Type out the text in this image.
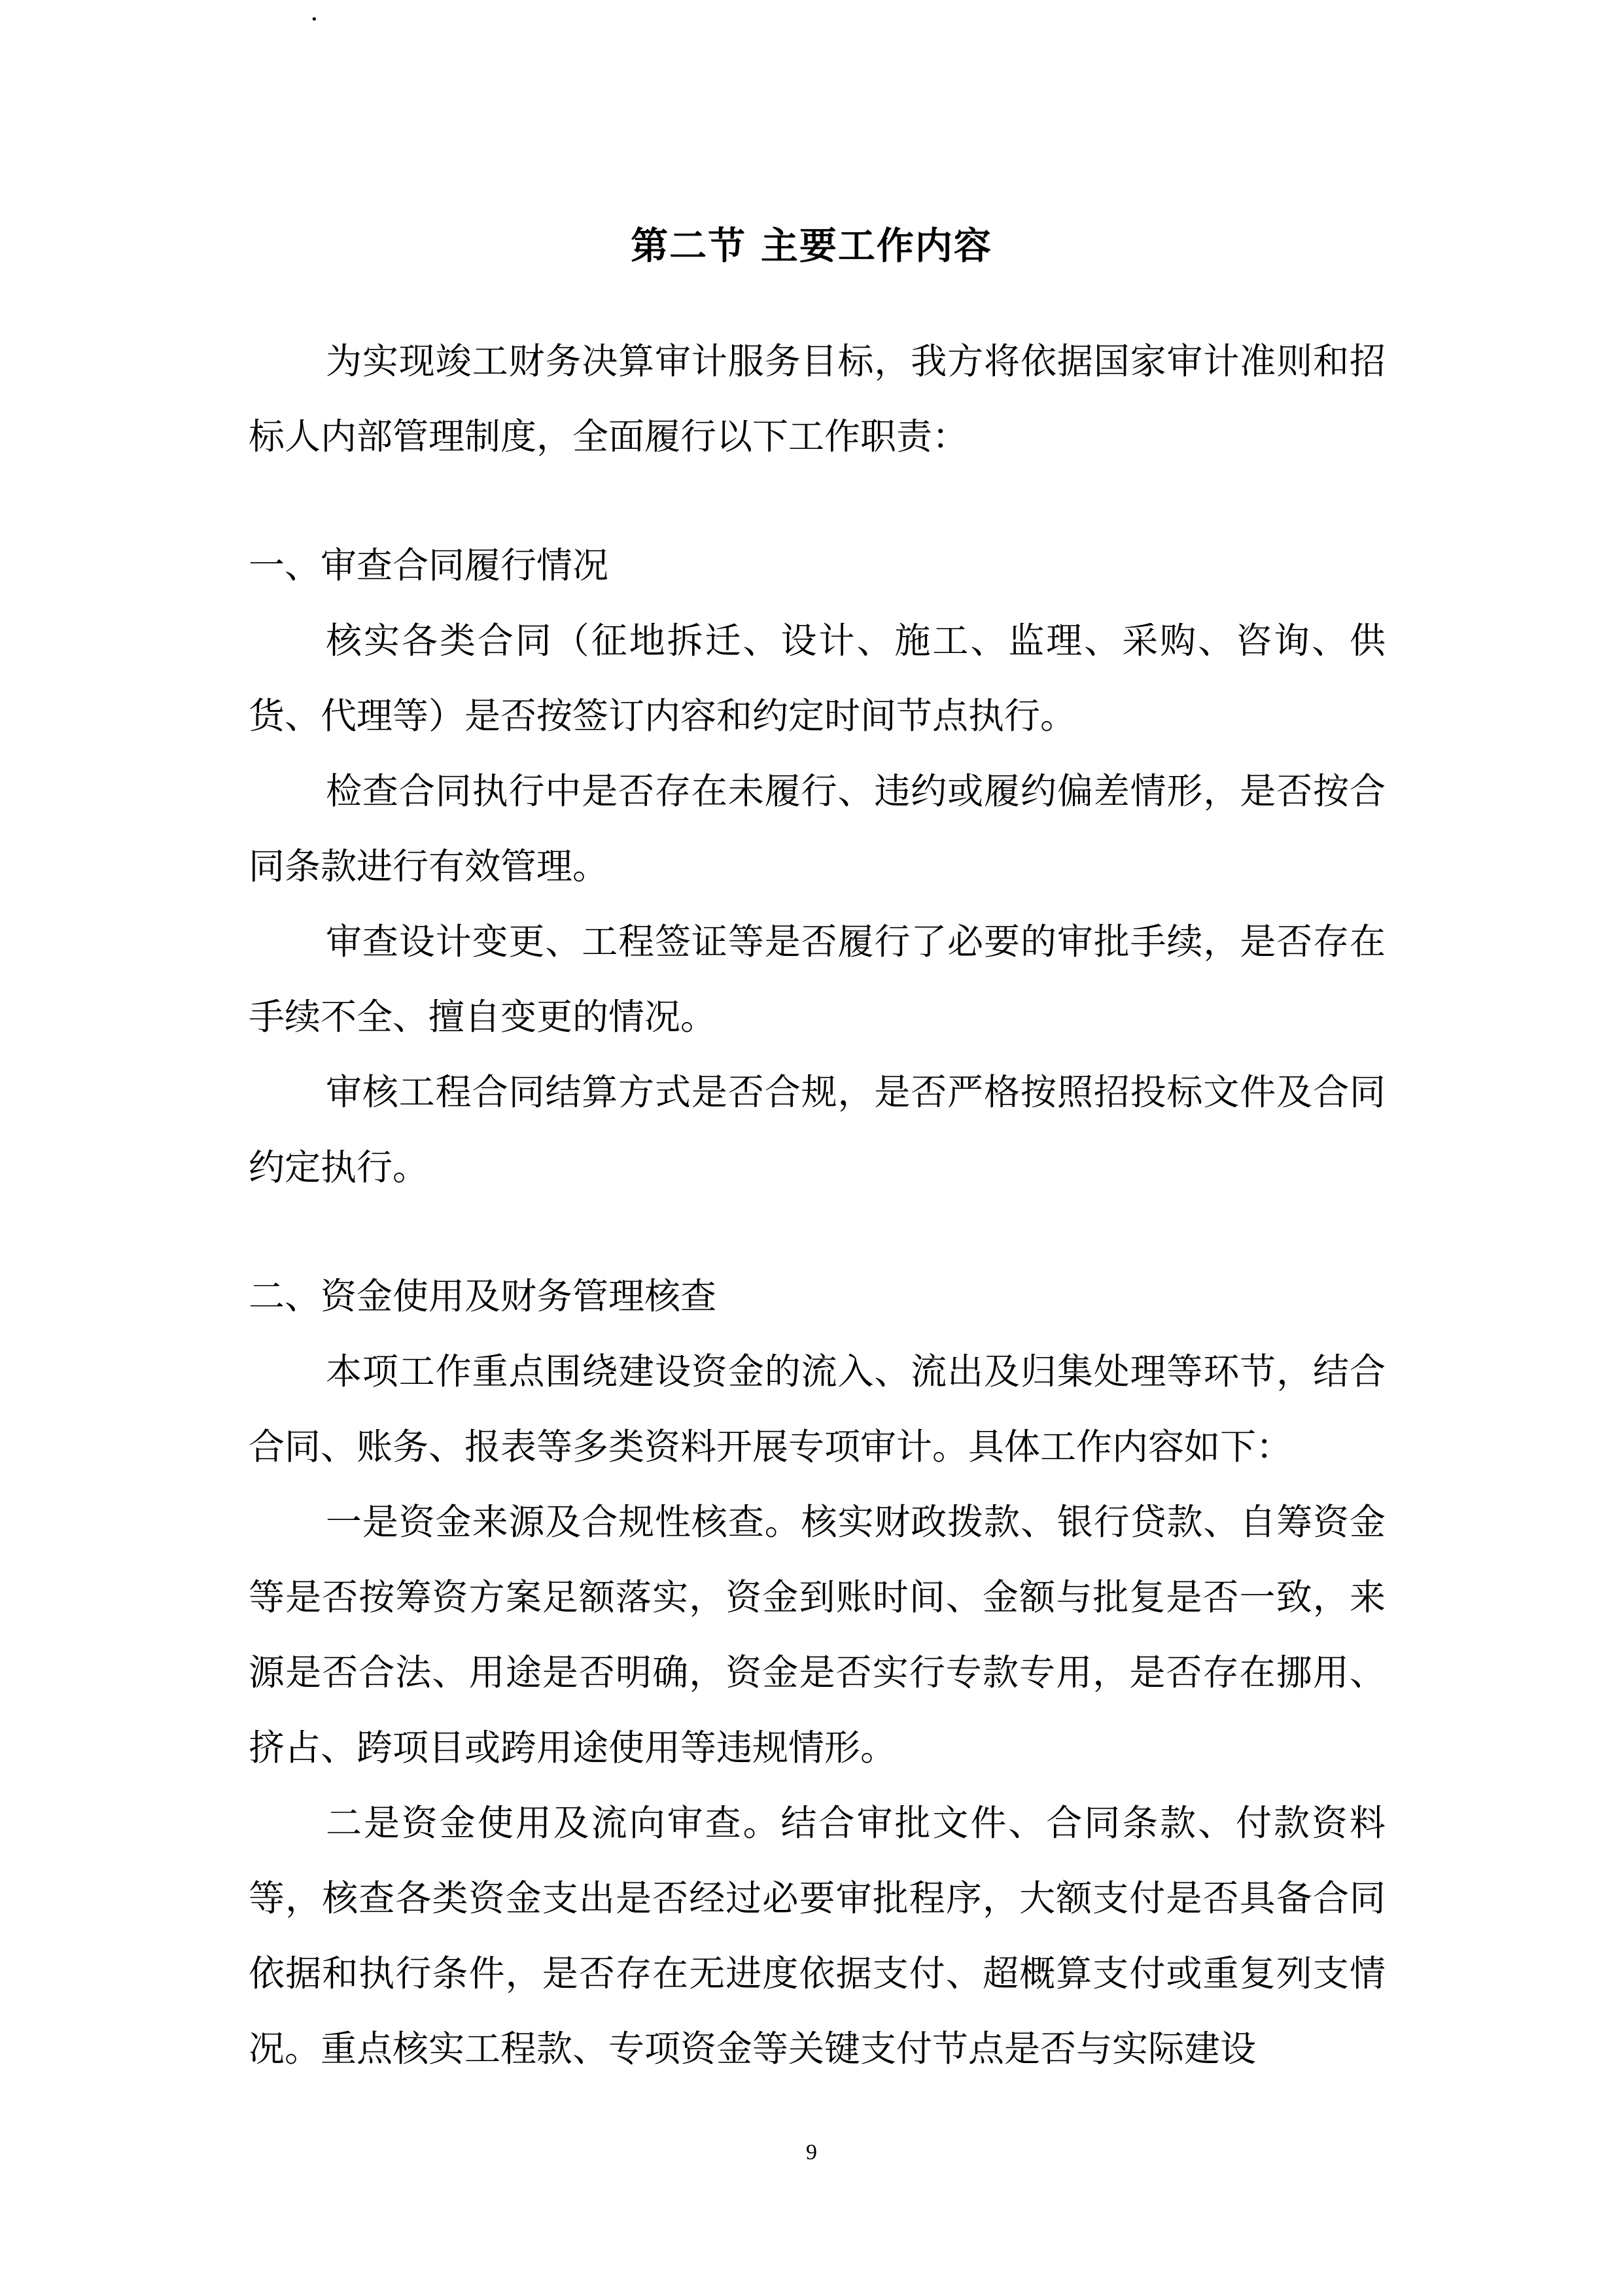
·
第二节 主要工作内容

为实现竣工财务决算审计服务目标，我方将依据国家审计准则和招标人内部管理制度，全面履行以下工作职责：

一、审查合同履行情况

核实各类合同（征地拆迁、设计、施工、监理、采购、咨询、供货、代理等）是否按签订内容和约定时间节点执行。

检查合同执行中是否存在未履行、违约或履约偏差情形，是否按合同条款进行有效管理。

审查设计变更、工程签证等是否履行了必要的审批手续，是否存在手续不全、擅自变更的情况。

审核工程合同结算方式是否合规，是否严格按照招投标文件及合同约定执行。

二、资金使用及财务管理核查

本项工作重点围绕建设资金的流入、流出及归集处理等环节，结合合同、账务、报表等多类资料开展专项审计。具体工作内容如下：

一是资金来源及合规性核查。核实财政拨款、银行贷款、自筹资金等是否按筹资方案足额落实，资金到账时间、金额与批复是否一致，来源是否合法、用途是否明确，资金是否实行专款专用，是否存在挪用、挤占、跨项目或跨用途使用等违规情形。

二是资金使用及流向审查。结合审批文件、合同条款、付款资料等，核查各类资金支出是否经过必要审批程序，大额支付是否具备合同依据和执行条件，是否存在无进度依据支付、超概算支付或重复列支情况。重点核实工程款、专项资金等关键支付节点是否与实际建设

9
